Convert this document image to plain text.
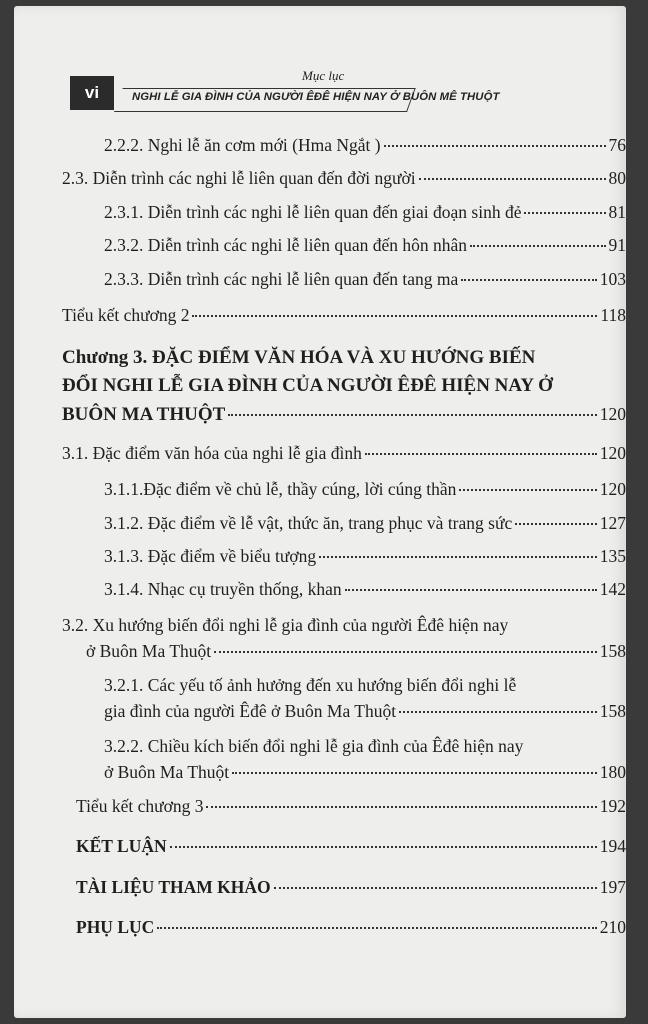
vi
Mục lục
NGHI LỄ GIA ĐÌNH CỦA NGƯỜI ÊĐÊ HIỆN NAY Ở BUÔN MÊ THUỘT
2.2.2. Nghi lễ ăn cơm mới (Hma Ngắt )	76
2.3. Diễn trình các nghi lễ liên quan đến đời người	80
2.3.1. Diễn trình các nghi lễ liên quan đến giai đoạn sinh đẻ	81
2.3.2. Diễn trình các nghi lễ liên quan đến hôn nhân	91
2.3.3. Diễn trình các nghi lễ liên quan đến tang ma	103
Tiểu kết chương 2	118
Chương 3. ĐẶC ĐIỂM VĂN HÓA VÀ XU HƯỚNG BIẾN
ĐỔI NGHI LỄ GIA ĐÌNH CỦA NGƯỜI ÊĐÊ HIỆN NAY Ở
BUÔN MA THUỘT	120
3.1. Đặc điểm văn hóa của nghi lễ gia đình	120
3.1.1.Đặc điểm về chủ lễ, thầy cúng, lời cúng thần	120
3.1.2. Đặc điểm về lễ vật, thức ăn, trang phục và trang sức	127
3.1.3. Đặc điểm về biểu tượng	135
3.1.4. Nhạc cụ truyền thống, khan	142
3.2. Xu hướng biến đổi nghi lễ gia đình của người Êđê hiện nay
ở Buôn Ma Thuột	158
3.2.1. Các yếu tố ảnh hưởng đến xu hướng biến đổi nghi lễ
gia đình của người Êđê ở Buôn Ma Thuột	158
3.2.2. Chiều kích biến đổi nghi lễ gia đình của Êđê hiện nay
ở Buôn Ma Thuột	180
Tiểu kết chương 3	192
KẾT LUẬN	194
TÀI LIỆU THAM KHẢO	197
PHỤ LỤC	210
